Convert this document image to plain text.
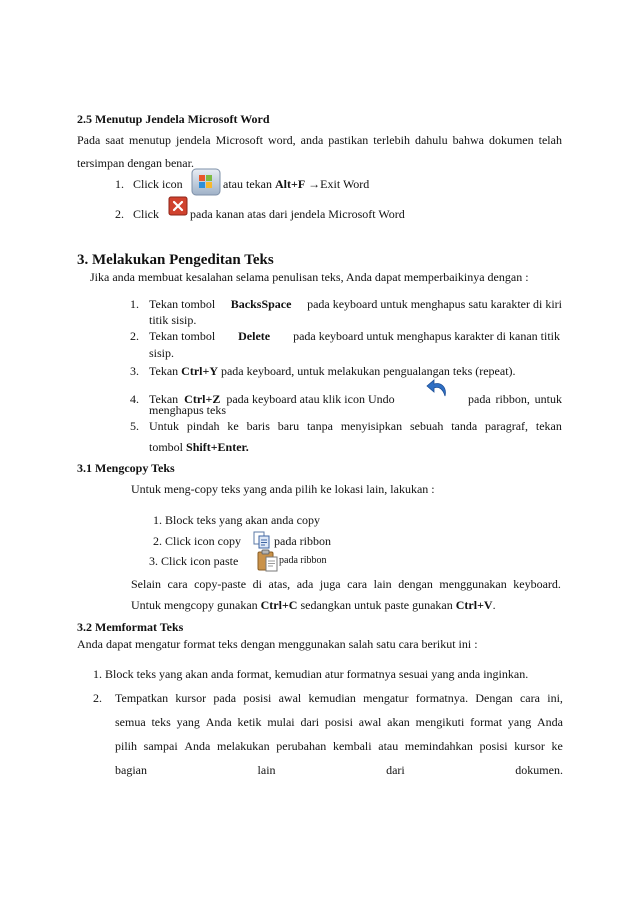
2.5 Menutup Jendela Microsoft Word
Pada saat menutup jendela Microsoft word, anda pastikan terlebih dahulu bahwa dokumen telah
tersimpan dengan benar.
1. Click icon	atau tekan Alt+F →Exit Word
2. Click	pada kanan atas dari jendela Microsoft Word
3. Melakukan Pengeditan Teks
Jika anda membuat kesalahan selama penulisan teks, Anda dapat memperbaikinya dengan :
1. Tekan tombol BacksSpace pada keyboard untuk menghapus satu karakter di kiri
titik sisip.
2. Tekan tombol Delete pada keyboard untuk menghapus karakter di kanan titik
sisip.
3. Tekan Ctrl+Y pada keyboard, untuk melakukan pengualangan teks (repeat).
4. Tekan Ctrl+Z pada keyboard atau klik icon Undo	pada ribbon, untuk
menghapus teks
5. Untuk pindah ke baris baru tanpa menyisipkan sebuah tanda paragraf, tekan
tombol Shift+Enter.
3.1 Mengcopy Teks
Untuk meng-copy teks yang anda pilih ke lokasi lain, lakukan :
1. Block teks yang akan anda copy
2. Click icon copy	pada ribbon
3. Click icon paste	pada ribbon
Selain cara copy-paste di atas, ada juga cara lain dengan menggunakan keyboard.
Untuk mengcopy gunakan Ctrl+C sedangkan untuk paste gunakan Ctrl+V.
3.2 Memformat Teks
Anda dapat mengatur format teks dengan menggunakan salah satu cara berikut ini :
1. Block teks yang akan anda format, kemudian atur formatnya sesuai yang anda inginkan.
2. Tempatkan kursor pada posisi awal kemudian mengatur formatnya. Dengan cara ini,
semua teks yang Anda ketik mulai dari posisi awal akan mengikuti format yang Anda
pilih sampai Anda melakukan perubahan kembali atau memindahkan posisi kursor ke
bagian	lain	dari	dokumen.
